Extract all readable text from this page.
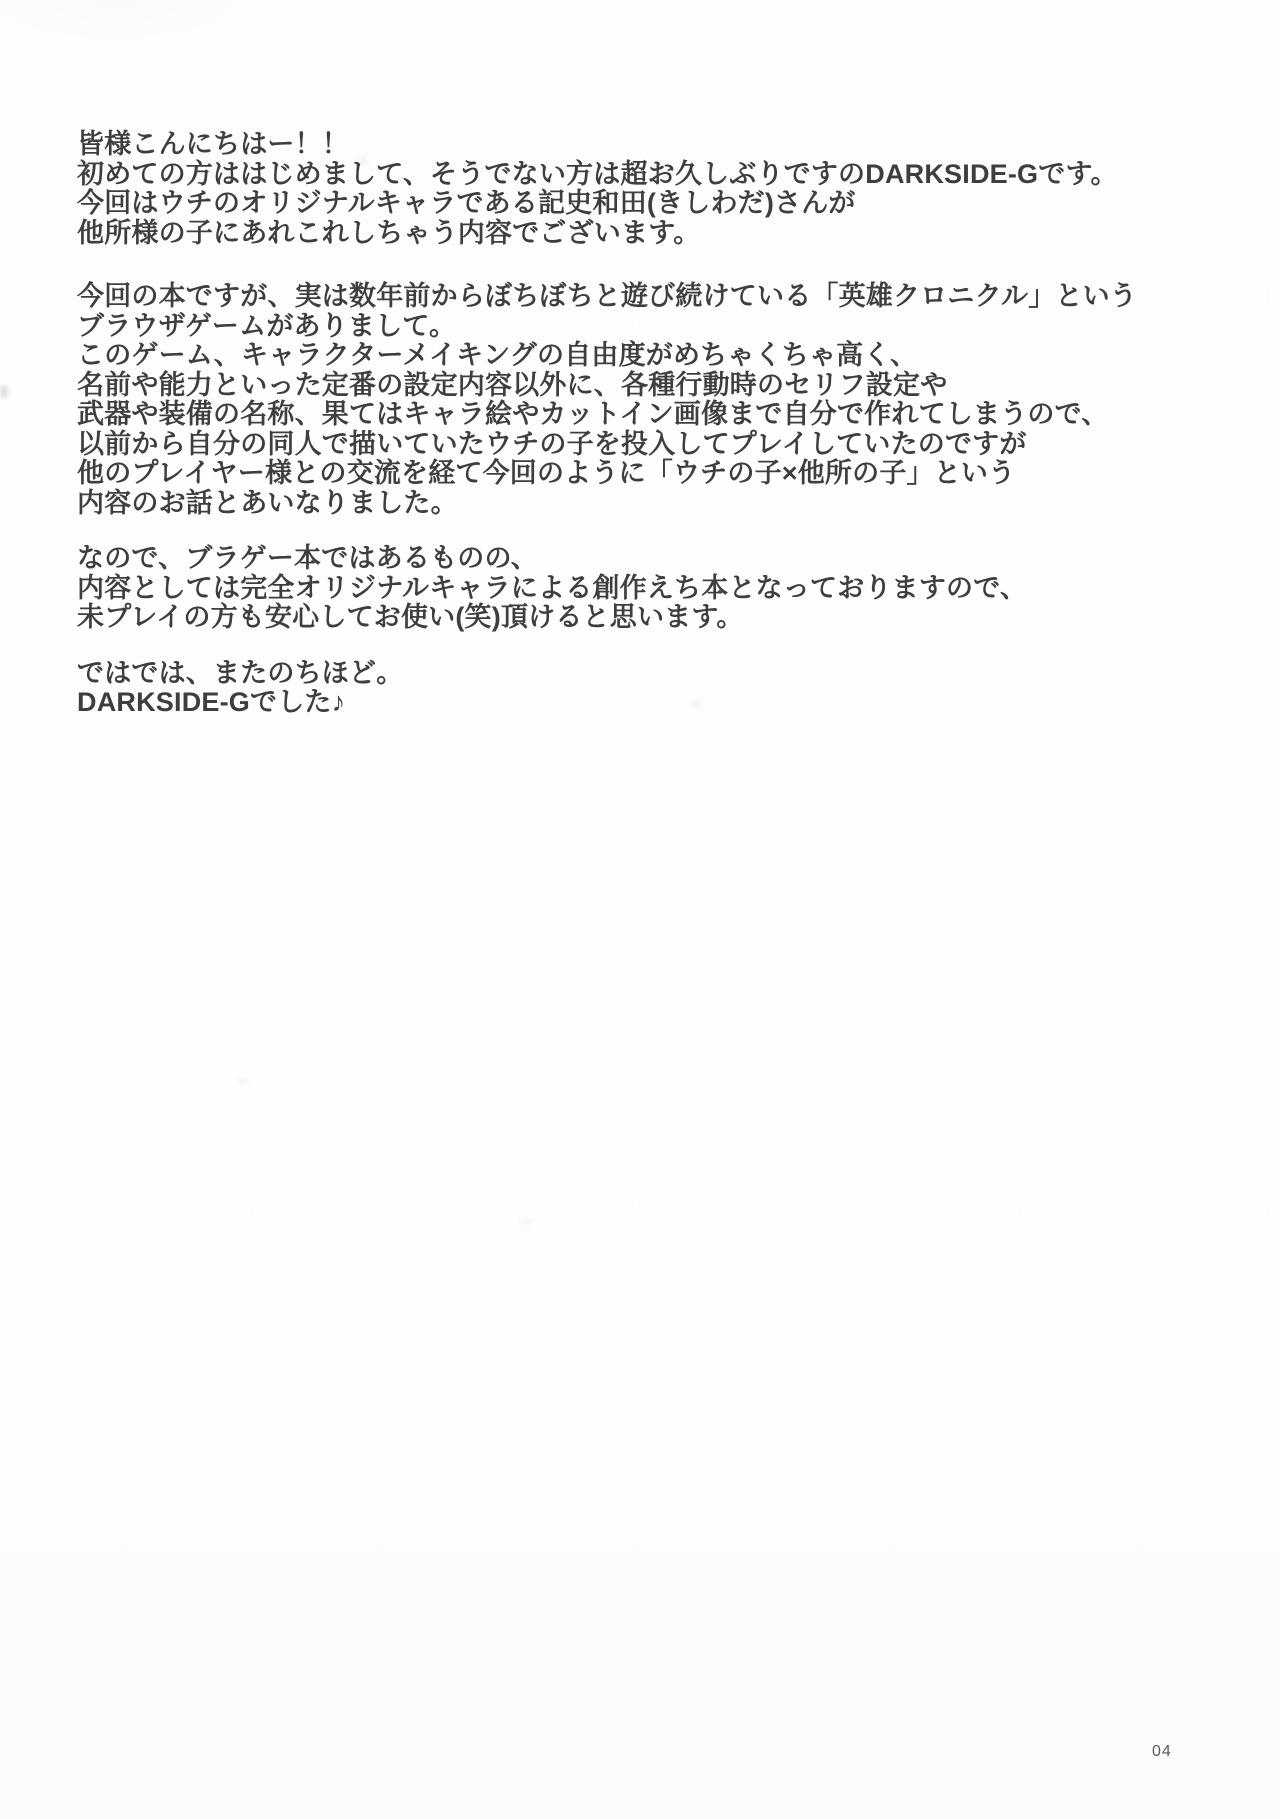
皆様こんにちはー！！
初めての方ははじめまして、そうでない方は超お久しぶりですのDARKSIDE-Gです。
今回はウチのオリジナルキャラである記史和田(きしわだ)さんが
他所様の子にあれこれしちゃう内容でございます。
今回の本ですが、実は数年前からぼちぼちと遊び続けている「英雄クロニクル」という
ブラウザゲームがありまして。
このゲーム、キャラクターメイキングの自由度がめちゃくちゃ高く、
名前や能力といった定番の設定内容以外に、各種行動時のセリフ設定や
武器や装備の名称、果てはキャラ絵やカットイン画像まで自分で作れてしまうので、
以前から自分の同人で描いていたウチの子を投入してプレイしていたのですが
他のプレイヤー様との交流を経て今回のように「ウチの子×他所の子」という
内容のお話とあいなりました。
なので、ブラゲー本ではあるものの、
内容としては完全オリジナルキャラによる創作えち本となっておりますので、
未プレイの方も安心してお使い(笑)頂けると思います。
ではでは、またのちほど。
DARKSIDE-Gでした♪
04
